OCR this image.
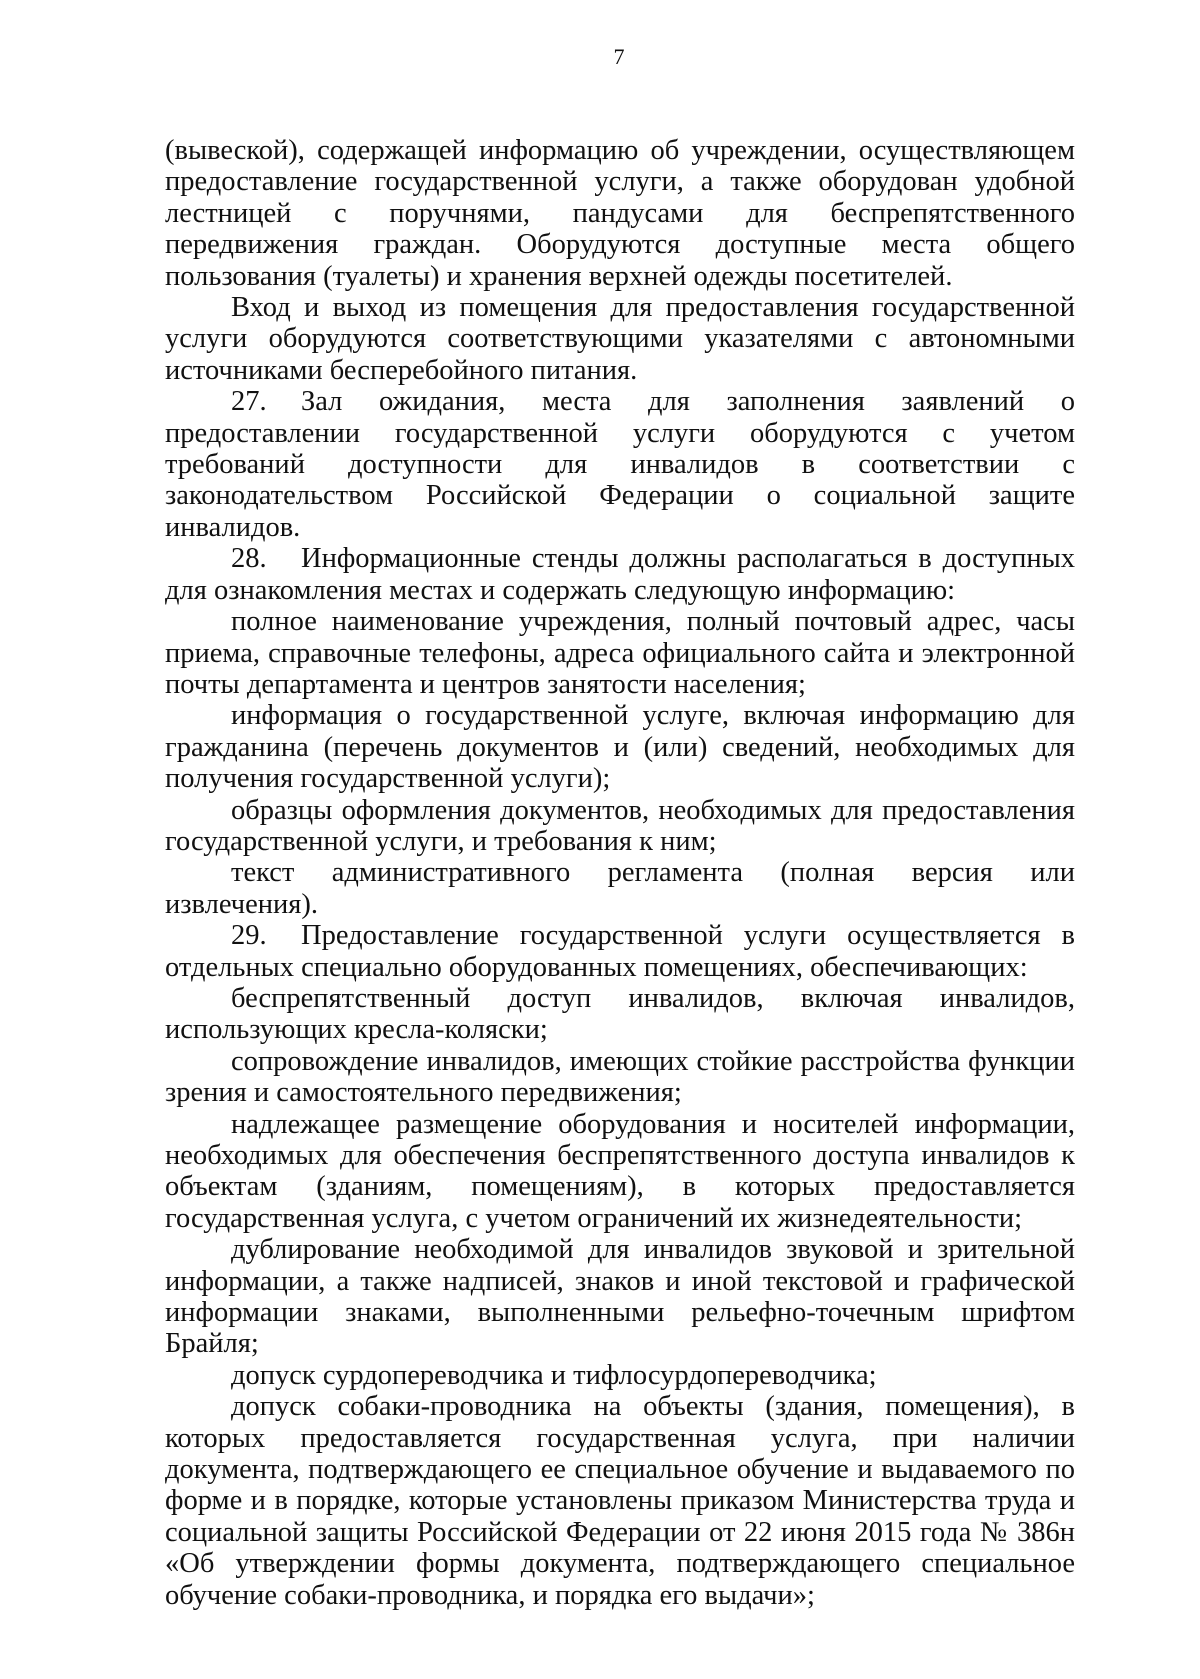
7

(вывеской), содержащей информацию об учреждении, осуществляющем предоставление государственной услуги, а также оборудован удобной лестницей с поручнями, пандусами для беспрепятственного передвижения граждан. Оборудуются доступные места общего пользования (туалеты) и хранения верхней одежды посетителей.

Вход и выход из помещения для предоставления государственной услуги оборудуются соответствующими указателями с автономными источниками бесперебойного питания.

27. Зал ожидания, места для заполнения заявлений о предоставлении государственной услуги оборудуются с учетом требований доступности для инвалидов в соответствии с законодательством Российской Федерации о социальной защите инвалидов.

28. Информационные стенды должны располагаться в доступных для ознакомления местах и содержать следующую информацию:

полное наименование учреждения, полный почтовый адрес, часы приема, справочные телефоны, адреса официального сайта и электронной почты департамента и центров занятости населения;

информация о государственной услуге, включая информацию для гражданина (перечень документов и (или) сведений, необходимых для получения государственной услуги);

образцы оформления документов, необходимых для предоставления государственной услуги, и требования к ним;

текст административного регламента (полная версия или извлечения).

29. Предоставление государственной услуги осуществляется в отдельных специально оборудованных помещениях, обеспечивающих:

беспрепятственный доступ инвалидов, включая инвалидов, использующих кресла-коляски;

сопровождение инвалидов, имеющих стойкие расстройства функции зрения и самостоятельного передвижения;

надлежащее размещение оборудования и носителей информации, необходимых для обеспечения беспрепятственного доступа инвалидов к объектам (зданиям, помещениям), в которых предоставляется государственная услуга, с учетом ограничений их жизнедеятельности;

дублирование необходимой для инвалидов звуковой и зрительной информации, а также надписей, знаков и иной текстовой и графической информации знаками, выполненными рельефно-точечным шрифтом Брайля;

допуск сурдопереводчика и тифлосурдопереводчика;

допуск собаки-проводника на объекты (здания, помещения), в которых предоставляется государственная услуга, при наличии документа, подтверждающего ее специальное обучение и выдаваемого по форме и в порядке, которые установлены приказом Министерства труда и социальной защиты Российской Федерации от 22 июня 2015 года № 386н «Об утверждении формы документа, подтверждающего специальное обучение собаки-проводника, и порядка его выдачи»;
